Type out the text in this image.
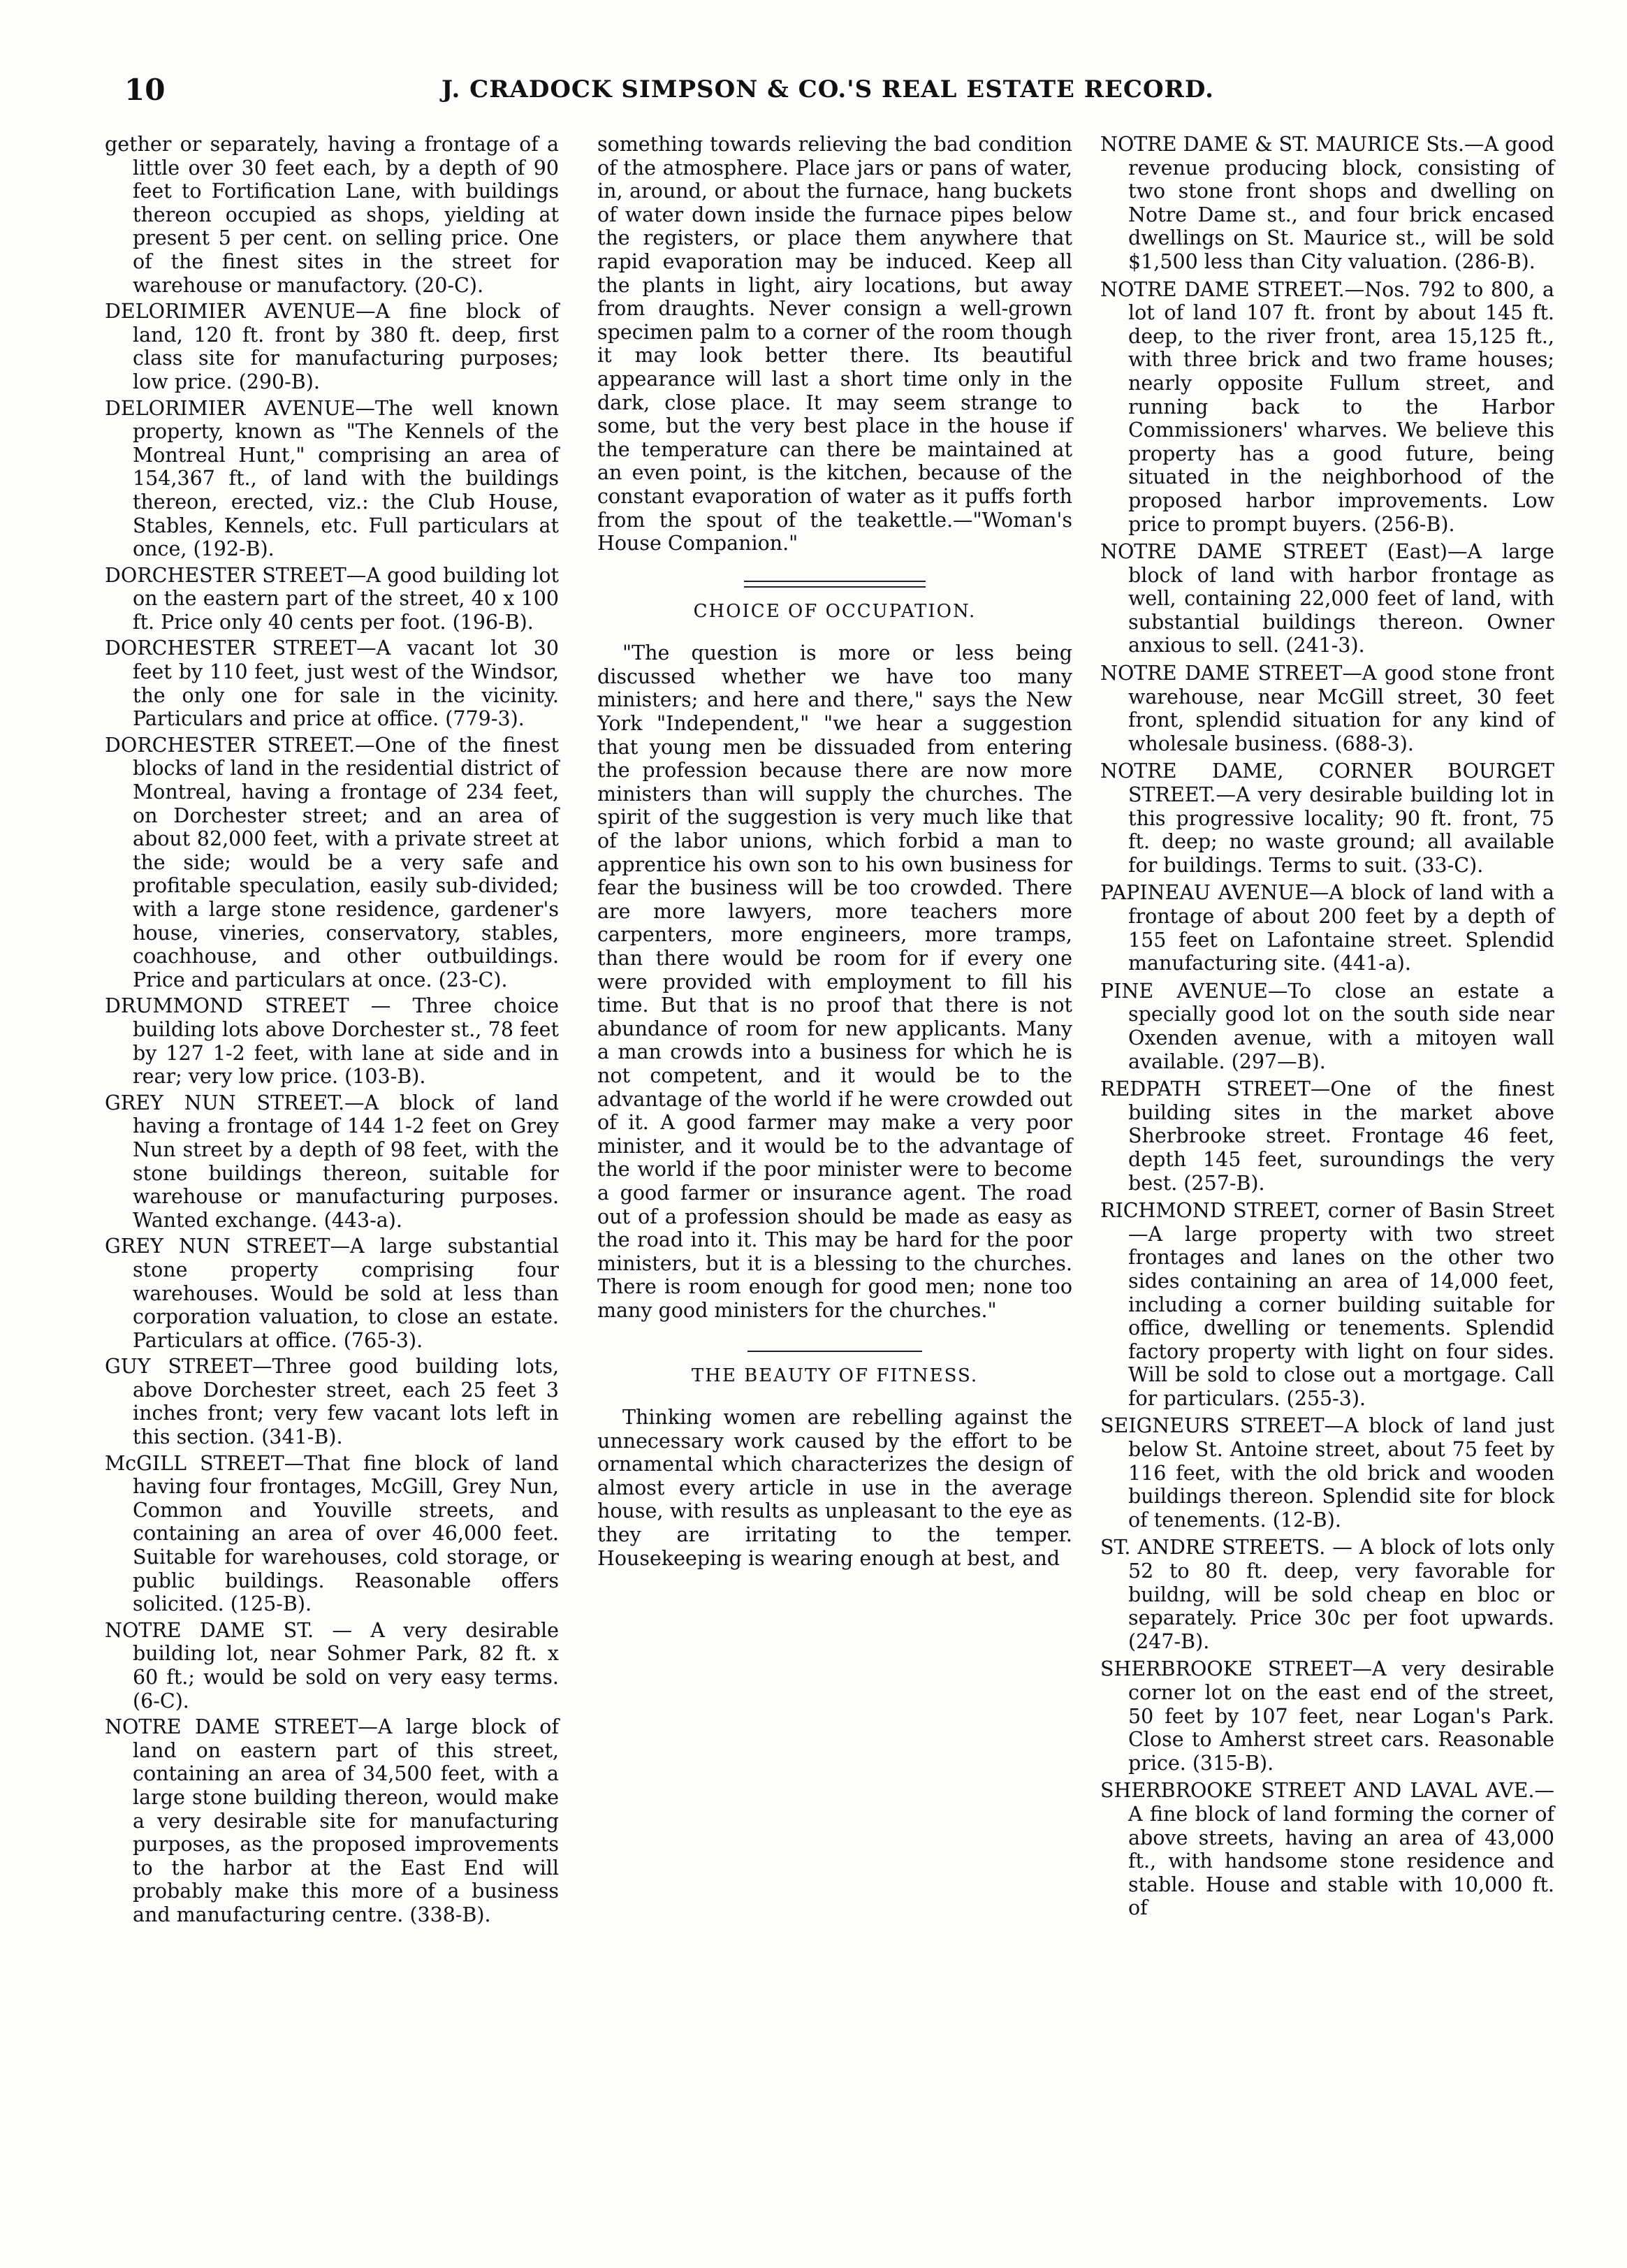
10	J. CRADOCK SIMPSON & CO.'S REAL ESTATE RECORD.

gether or separately, having a frontage of a little over 30 feet each, by a depth of 90 feet to Fortification Lane, with buildings thereon occupied as shops, yielding at present 5 per cent. on selling price. One of the finest sites in the street for warehouse or manufactory. (20-C).

DELORIMIER AVENUE—A fine block of land, 120 ft. front by 380 ft. deep, first class site for manufacturing purposes; low price. (290-B).

DELORIMIER AVENUE—The well known property, known as "The Kennels of the Montreal Hunt," comprising an area of 154,367 ft., of land with the buildings thereon, erected, viz.: the Club House, Stables, Kennels, etc. Full particulars at once, (192-B).

DORCHESTER STREET—A good building lot on the eastern part of the street, 40 x 100 ft. Price only 40 cents per foot. (196-B).

DORCHESTER STREET—A vacant lot 30 feet by 110 feet, just west of the Windsor, the only one for sale in the vicinity. Particulars and price at office. (779-3).

DORCHESTER STREET.—One of the finest blocks of land in the residential district of Montreal, having a frontage of 234 feet, on Dorchester street; and an area of about 82,000 feet, with a private street at the side; would be a very safe and profitable speculation, easily sub-divided; with a large stone residence, gardener's house, vineries, conservatory, stables, coachhouse, and other outbuildings. Price and particulars at once. (23-C).

DRUMMOND STREET — Three choice building lots above Dorchester st., 78 feet by 127 1-2 feet, with lane at side and in rear; very low price. (103-B).

GREY NUN STREET.—A block of land having a frontage of 144 1-2 feet on Grey Nun street by a depth of 98 feet, with the stone buildings thereon, suitable for warehouse or manufacturing purposes. Wanted exchange. (443-a).

GREY NUN STREET—A large substantial stone property comprising four warehouses. Would be sold at less than corporation valuation, to close an estate. Particulars at office. (765-3).

GUY STREET—Three good building lots, above Dorchester street, each 25 feet 3 inches front; very few vacant lots left in this section. (341-B).

McGILL STREET—That fine block of land having four frontages, McGill, Grey Nun, Common and Youville streets, and containing an area of over 46,000 feet. Suitable for warehouses, cold storage, or public buildings. Reasonable offers solicited. (125-B).

NOTRE DAME ST. — A very desirable building lot, near Sohmer Park, 82 ft. x 60 ft.; would be sold on very easy terms. (6-C).

NOTRE DAME STREET—A large block of land on eastern part of this street, containing an area of 34,500 feet, with a large stone building thereon, would make a very desirable site for manufacturing purposes, as the proposed improvements to the harbor at the East End will probably make this more of a business and manufacturing centre. (338-B).

something towards relieving the bad condition of the atmosphere. Place jars or pans of water, in, around, or about the furnace, hang buckets of water down inside the furnace pipes below the registers, or place them anywhere that rapid evaporation may be induced. Keep all the plants in light, airy locations, but away from draughts. Never consign a well-grown specimen palm to a corner of the room though it may look better there. Its beautiful appearance will last a short time only in the dark, close place. It may seem strange to some, but the very best place in the house if the temperature can there be maintained at an even point, is the kitchen, because of the constant evaporation of water as it puffs forth from the spout of the teakettle.—"Woman's House Companion."

CHOICE OF OCCUPATION.

"The question is more or less being discussed whether we have too many ministers; and here and there," says the New York "Independent," "we hear a suggestion that young men be dissuaded from entering the profession because there are now more ministers than will supply the churches. The spirit of the suggestion is very much like that of the labor unions, which forbid a man to apprentice his own son to his own business for fear the business will be too crowded. There are more lawyers, more teachers more carpenters, more engineers, more tramps, than there would be room for if every one were provided with employment to fill his time. But that is no proof that there is not abundance of room for new applicants. Many a man crowds into a business for which he is not competent, and it would be to the advantage of the world if he were crowded out of it. A good farmer may make a very poor minister, and it would be to the advantage of the world if the poor minister were to become a good farmer or insurance agent. The road out of a profession should be made as easy as the road into it. This may be hard for the poor ministers, but it is a blessing to the churches. There is room enough for good men; none too many good ministers for the churches."

THE BEAUTY OF FITNESS.

Thinking women are rebelling against the unnecessary work caused by the effort to be ornamental which characterizes the design of almost every article in use in the average house, with results as unpleasant to the eye as they are irritating to the temper. Housekeeping is wearing enough at best, and

NOTRE DAME & ST. MAURICE Sts.—A good revenue producing block, consisting of two stone front shops and dwelling on Notre Dame st., and four brick encased dwellings on St. Maurice st., will be sold $1,500 less than City valuation. (286-B).

NOTRE DAME STREET.—Nos. 792 to 800, a lot of land 107 ft. front by about 145 ft. deep, to the river front, area 15,125 ft., with three brick and two frame houses; nearly opposite Fullum street, and running back to the Harbor Commissioners' wharves. We believe this property has a good future, being situated in the neighborhood of the proposed harbor improvements. Low price to prompt buyers. (256-B).

NOTRE DAME STREET (East)—A large block of land with harbor frontage as well, containing 22,000 feet of land, with substantial buildings thereon. Owner anxious to sell. (241-3).

NOTRE DAME STREET—A good stone front warehouse, near McGill street, 30 feet front, splendid situation for any kind of wholesale business. (688-3).

NOTRE DAME, CORNER BOURGET STREET.—A very desirable building lot in this progressive locality; 90 ft. front, 75 ft. deep; no waste ground; all available for buildings. Terms to suit. (33-C).

PAPINEAU AVENUE—A block of land with a frontage of about 200 feet by a depth of 155 feet on Lafontaine street. Splendid manufacturing site. (441-a).

PINE AVENUE—To close an estate a specially good lot on the south side near Oxenden avenue, with a mitoyen wall available. (297—B).

REDPATH STREET—One of the finest building sites in the market above Sherbrooke street. Frontage 46 feet, depth 145 feet, suroundings the very best. (257-B).

RICHMOND STREET, corner of Basin Street—A large property with two street frontages and lanes on the other two sides containing an area of 14,000 feet, including a corner building suitable for office, dwelling or tenements. Splendid factory property with light on four sides. Will be sold to close out a mortgage. Call for particulars. (255-3).

SEIGNEURS STREET—A block of land just below St. Antoine street, about 75 feet by 116 feet, with the old brick and wooden buildings thereon. Splendid site for block of tenements. (12-B).

ST. ANDRE STREETS. — A block of lots only 52 to 80 ft. deep, very favorable for buildng, will be sold cheap en bloc or separately. Price 30c per foot upwards. (247-B).

SHERBROOKE STREET—A very desirable corner lot on the east end of the street, 50 feet by 107 feet, near Logan's Park. Close to Amherst street cars. Reasonable price. (315-B).

SHERBROOKE STREET AND LAVAL AVE.—A fine block of land forming the corner of above streets, having an area of 43,000 ft., with handsome stone residence and stable. House and stable with 10,000 ft. of
